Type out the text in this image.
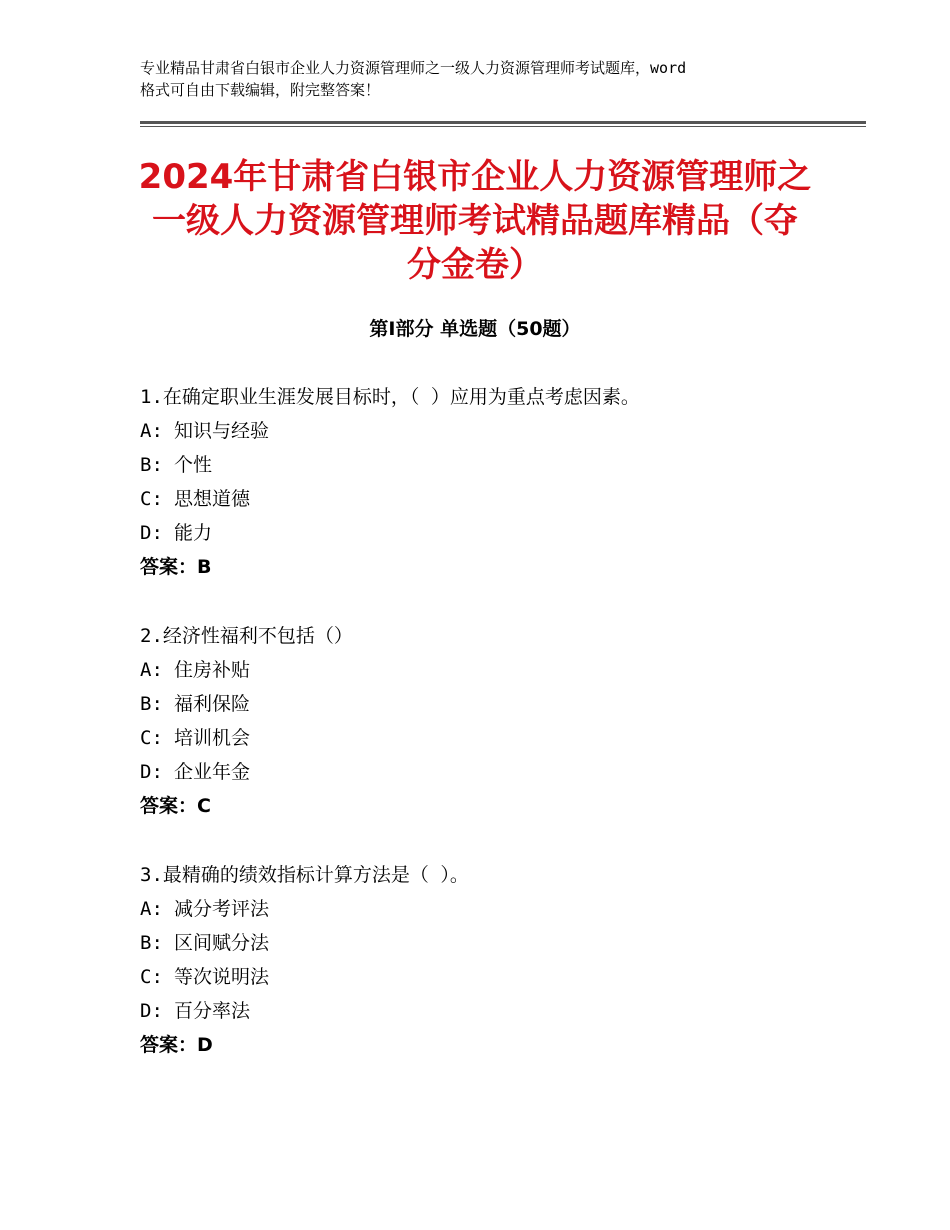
专业精品甘肃省白银市企业人力资源管理师之一级人力资源管理师考试题库，word
格式可自由下载编辑，附完整答案！
2024年甘肃省白银市企业人力资源管理师之
一级人力资源管理师考试精品题库精品（夺
分金卷）
第Ⅰ部分 单选题（50题）
1.在确定职业生涯发展目标时，（ ）应用为重点考虑因素。
A: 知识与经验
B: 个性
C: 思想道德
D: 能力
答案：B
2.经济性福利不包括（）
A: 住房补贴
B: 福利保险
C: 培训机会
D: 企业年金
答案：C
3.最精确的绩效指标计算方法是（ ）。
A: 减分考评法
B: 区间赋分法
C: 等次说明法
D: 百分率法
答案：D
